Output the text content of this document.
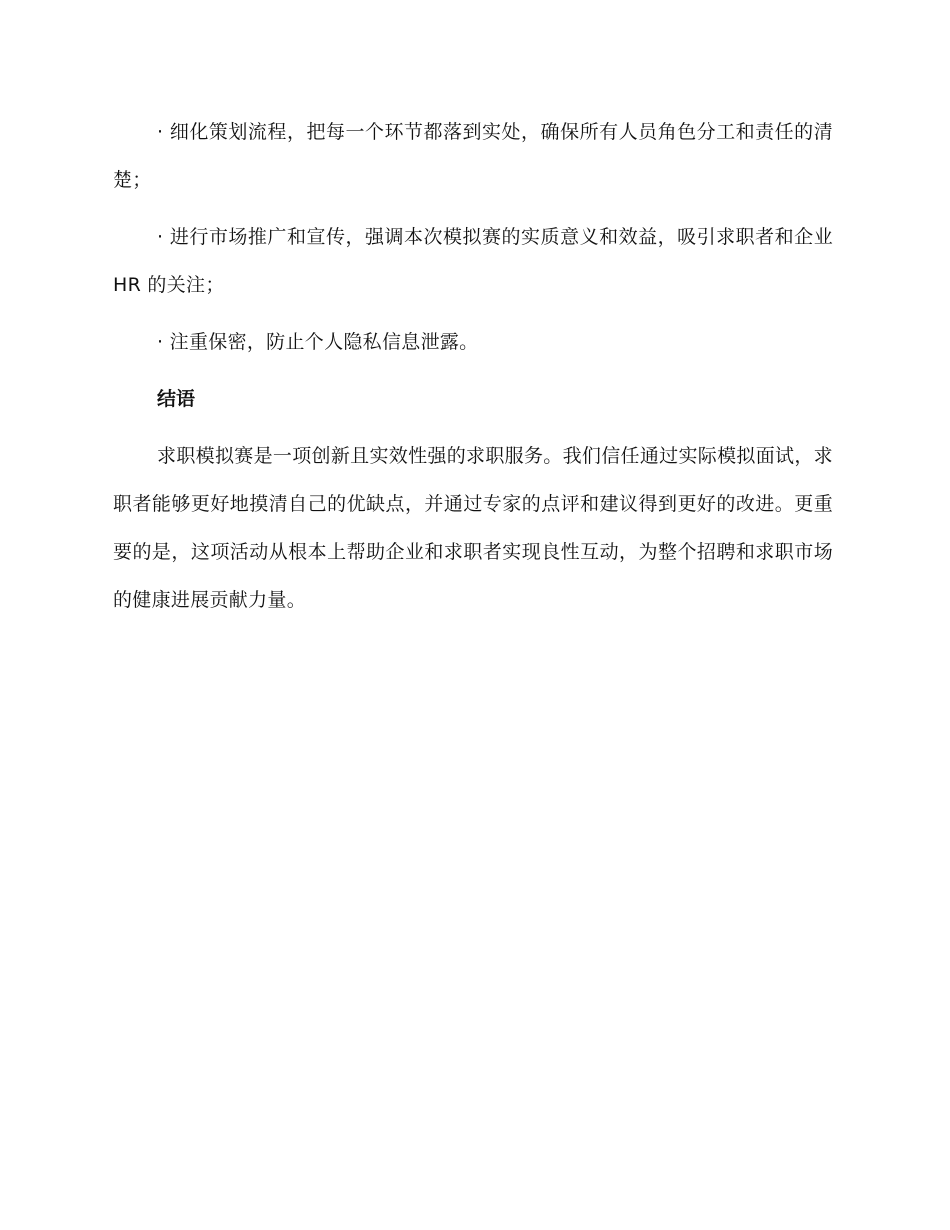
· 细化策划流程，把每一个环节都落到实处，确保所有人员角色分工和责任的清楚；

· 进行市场推广和宣传，强调本次模拟赛的实质意义和效益，吸引求职者和企业 HR 的关注；

· 注重保密，防止个人隐私信息泄露。

结语

求职模拟赛是一项创新且实效性强的求职服务。我们信任通过实际模拟面试，求职者能够更好地摸清自己的优缺点，并通过专家的点评和建议得到更好的改进。更重要的是，这项活动从根本上帮助企业和求职者实现良性互动，为整个招聘和求职市场的健康进展贡献力量。
